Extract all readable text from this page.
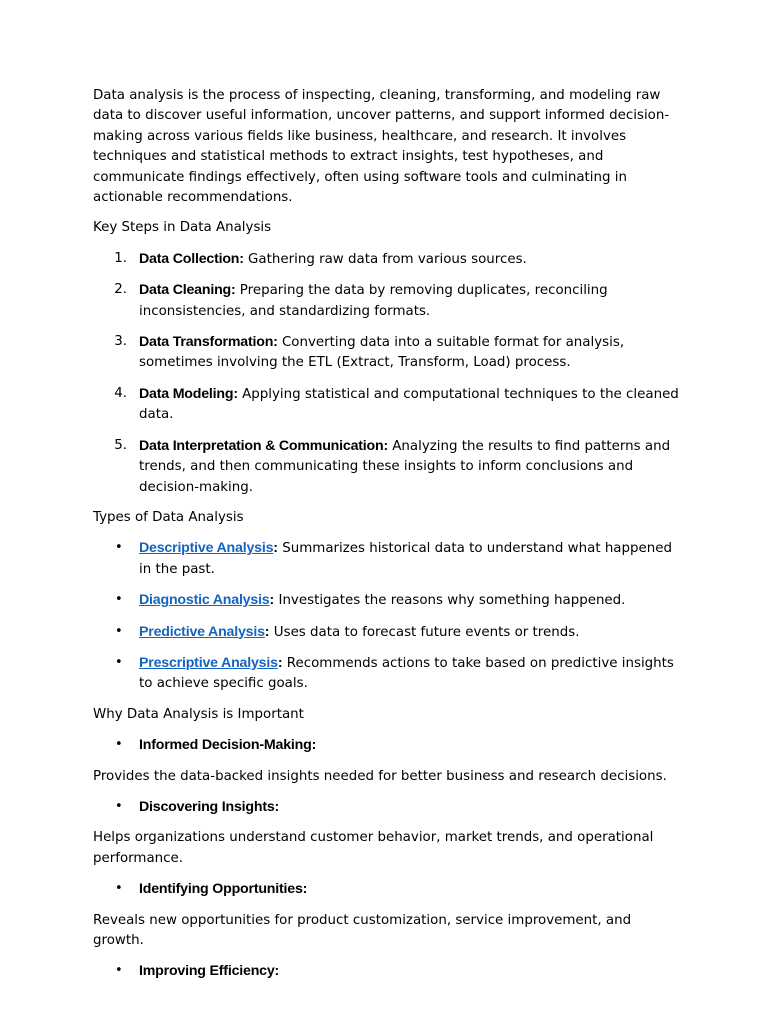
Data analysis is the process of inspecting, cleaning, transforming, and modeling raw data to discover useful information, uncover patterns, and support informed decision-making across various fields like business, healthcare, and research. It involves techniques and statistical methods to extract insights, test hypotheses, and communicate findings effectively, often using software tools and culminating in actionable recommendations.

Key Steps in Data Analysis

1. Data Collection: Gathering raw data from various sources.
2. Data Cleaning: Preparing the data by removing duplicates, reconciling inconsistencies, and standardizing formats.
3. Data Transformation: Converting data into a suitable format for analysis, sometimes involving the ETL (Extract, Transform, Load) process.
4. Data Modeling: Applying statistical and computational techniques to the cleaned data.
5. Data Interpretation & Communication: Analyzing the results to find patterns and trends, and then communicating these insights to inform conclusions and decision-making.

Types of Data Analysis

• Descriptive Analysis: Summarizes historical data to understand what happened in the past.
• Diagnostic Analysis: Investigates the reasons why something happened.
• Predictive Analysis: Uses data to forecast future events or trends.
• Prescriptive Analysis: Recommends actions to take based on predictive insights to achieve specific goals.

Why Data Analysis is Important

• Informed Decision-Making:

Provides the data-backed insights needed for better business and research decisions.

• Discovering Insights:

Helps organizations understand customer behavior, market trends, and operational performance.

• Identifying Opportunities:

Reveals new opportunities for product customization, service improvement, and growth.

• Improving Efficiency:
